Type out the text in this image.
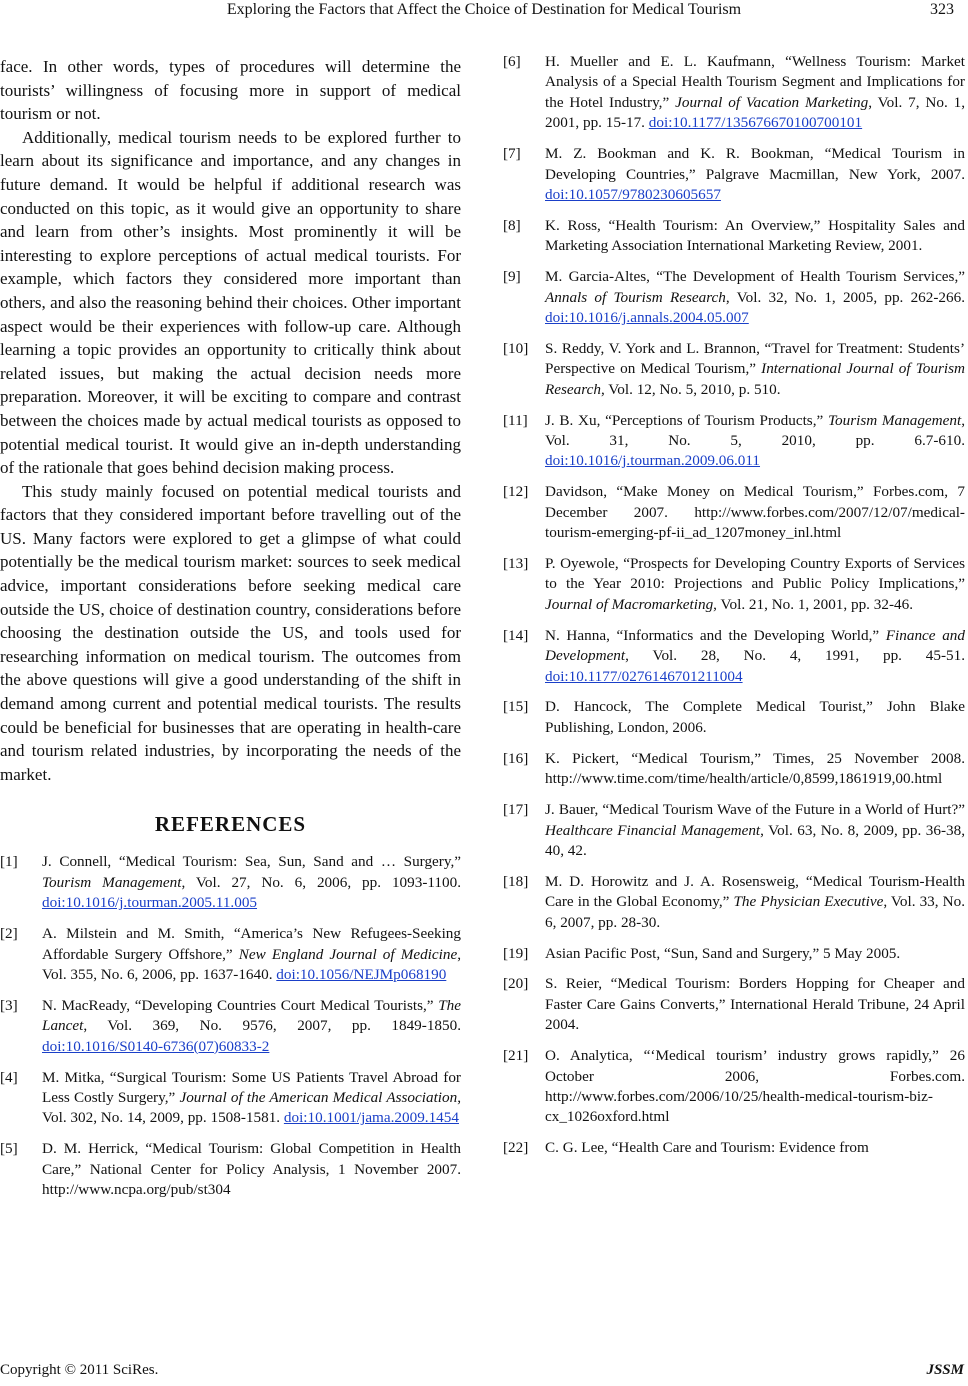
Exploring the Factors that Affect the Choice of Destination for Medical Tourism	323

face. In other words, types of procedures will determine the tourists’ willingness of focusing more in support of medical tourism or not.

Additionally, medical tourism needs to be explored further to learn about its significance and importance, and any changes in future demand. It would be helpful if additional research was conducted on this topic, as it would give an opportunity to share and learn from other’s insights. Most prominently it will be interesting to explore perceptions of actual medical tourists. For example, which factors they considered more important than others, and also the reasoning behind their choices. Other important aspect would be their experiences with follow-up care. Although learning a topic provides an opportunity to critically think about related issues, but making the actual decision needs more preparation. Moreover, it will be exciting to compare and contrast between the choices made by actual medical tourists as opposed to potential medical tourist. It would give an in-depth understanding of the rationale that goes behind decision making process.

This study mainly focused on potential medical tourists and factors that they considered important before travelling out of the US. Many factors were explored to get a glimpse of what could potentially be the medical tourism market: sources to seek medical advice, important considerations before seeking medical care outside the US, choice of destination country, considerations before choosing the destination outside the US, and tools used for researching information on medical tourism. The outcomes from the above questions will give a good understanding of the shift in demand among current and potential medical tourists. The results could be beneficial for businesses that are operating in health-care and tourism related industries, by incorporating the needs of the market.

REFERENCES
[1] J. Connell, “Medical Tourism: Sea, Sun, Sand and … Surgery,” Tourism Management, Vol. 27, No. 6, 2006, pp. 1093-1100. doi:10.1016/j.tourman.2005.11.005
[2] A. Milstein and M. Smith, “America’s New Refugees-Seeking Affordable Surgery Offshore,” New England Journal of Medicine, Vol. 355, No. 6, 2006, pp. 1637-1640. doi:10.1056/NEJMp068190
[3] N. MacReady, “Developing Countries Court Medical Tourists,” The Lancet, Vol. 369, No. 9576, 2007, pp. 1849-1850. doi:10.1016/S0140-6736(07)60833-2
[4] M. Mitka, “Surgical Tourism: Some US Patients Travel Abroad for Less Costly Surgery,” Journal of the American Medical Association, Vol. 302, No. 14, 2009, pp. 1508-1581. doi:10.1001/jama.2009.1454
[5] D. M. Herrick, “Medical Tourism: Global Competition in Health Care,” National Center for Policy Analysis, 1 November 2007. http://www.ncpa.org/pub/st304
[6] H. Mueller and E. L. Kaufmann, “Wellness Tourism: Market Analysis of a Special Health Tourism Segment and Implications for the Hotel Industry,” Journal of Vacation Marketing, Vol. 7, No. 1, 2001, pp. 15-17. doi:10.1177/135676670100700101
[7] M. Z. Bookman and K. R. Bookman, “Medical Tourism in Developing Countries,” Palgrave Macmillan, New York, 2007. doi:10.1057/9780230605657
[8] K. Ross, “Health Tourism: An Overview,” Hospitality Sales and Marketing Association International Marketing Review, 2001.
[9] M. Garcia-Altes, “The Development of Health Tourism Services,” Annals of Tourism Research, Vol. 32, No. 1, 2005, pp. 262-266. doi:10.1016/j.annals.2004.05.007
[10] S. Reddy, V. York and L. Brannon, “Travel for Treatment: Students’ Perspective on Medical Tourism,” International Journal of Tourism Research, Vol. 12, No. 5, 2010, p. 510.
[11] J. B. Xu, “Perceptions of Tourism Products,” Tourism Management, Vol. 31, No. 5, 2010, pp. 6.7-610. doi:10.1016/j.tourman.2009.06.011
[12] Davidson, “Make Money on Medical Tourism,” Forbes.com, 7 December 2007. http://www.forbes.com/2007/12/07/medical-tourism-emerging-pf-ii_ad_1207money_inl.html
[13] P. Oyewole, “Prospects for Developing Country Exports of Services to the Year 2010: Projections and Public Policy Implications,” Journal of Macromarketing, Vol. 21, No. 1, 2001, pp. 32-46.
[14] N. Hanna, “Informatics and the Developing World,” Finance and Development, Vol. 28, No. 4, 1991, pp. 45-51. doi:10.1177/0276146701211004
[15] D. Hancock, The Complete Medical Tourist,” John Blake Publishing, London, 2006.
[16] K. Pickert, “Medical Tourism,” Times, 25 November 2008. http://www.time.com/time/health/article/0,8599,1861919,00.html
[17] J. Bauer, “Medical Tourism Wave of the Future in a World of Hurt?” Healthcare Financial Management, Vol. 63, No. 8, 2009, pp. 36-38, 40, 42.
[18] M. D. Horowitz and J. A. Rosensweig, “Medical Tourism-Health Care in the Global Economy,” The Physician Executive, Vol. 33, No. 6, 2007, pp. 28-30.
[19] Asian Pacific Post, “Sun, Sand and Surgery,” 5 May 2005.
[20] S. Reier, “Medical Tourism: Borders Hopping for Cheaper and Faster Care Gains Converts,” International Herald Tribune, 24 April 2004.
[21] O. Analytica, “‘Medical tourism’ industry grows rapidly,” 26 October 2006, Forbes.com. http://www.forbes.com/2006/10/25/health-medical-tourism-biz-cx_1026oxford.html
[22] C. G. Lee, “Health Care and Tourism: Evidence from
Copyright © 2011 SciRes.	JSSM
